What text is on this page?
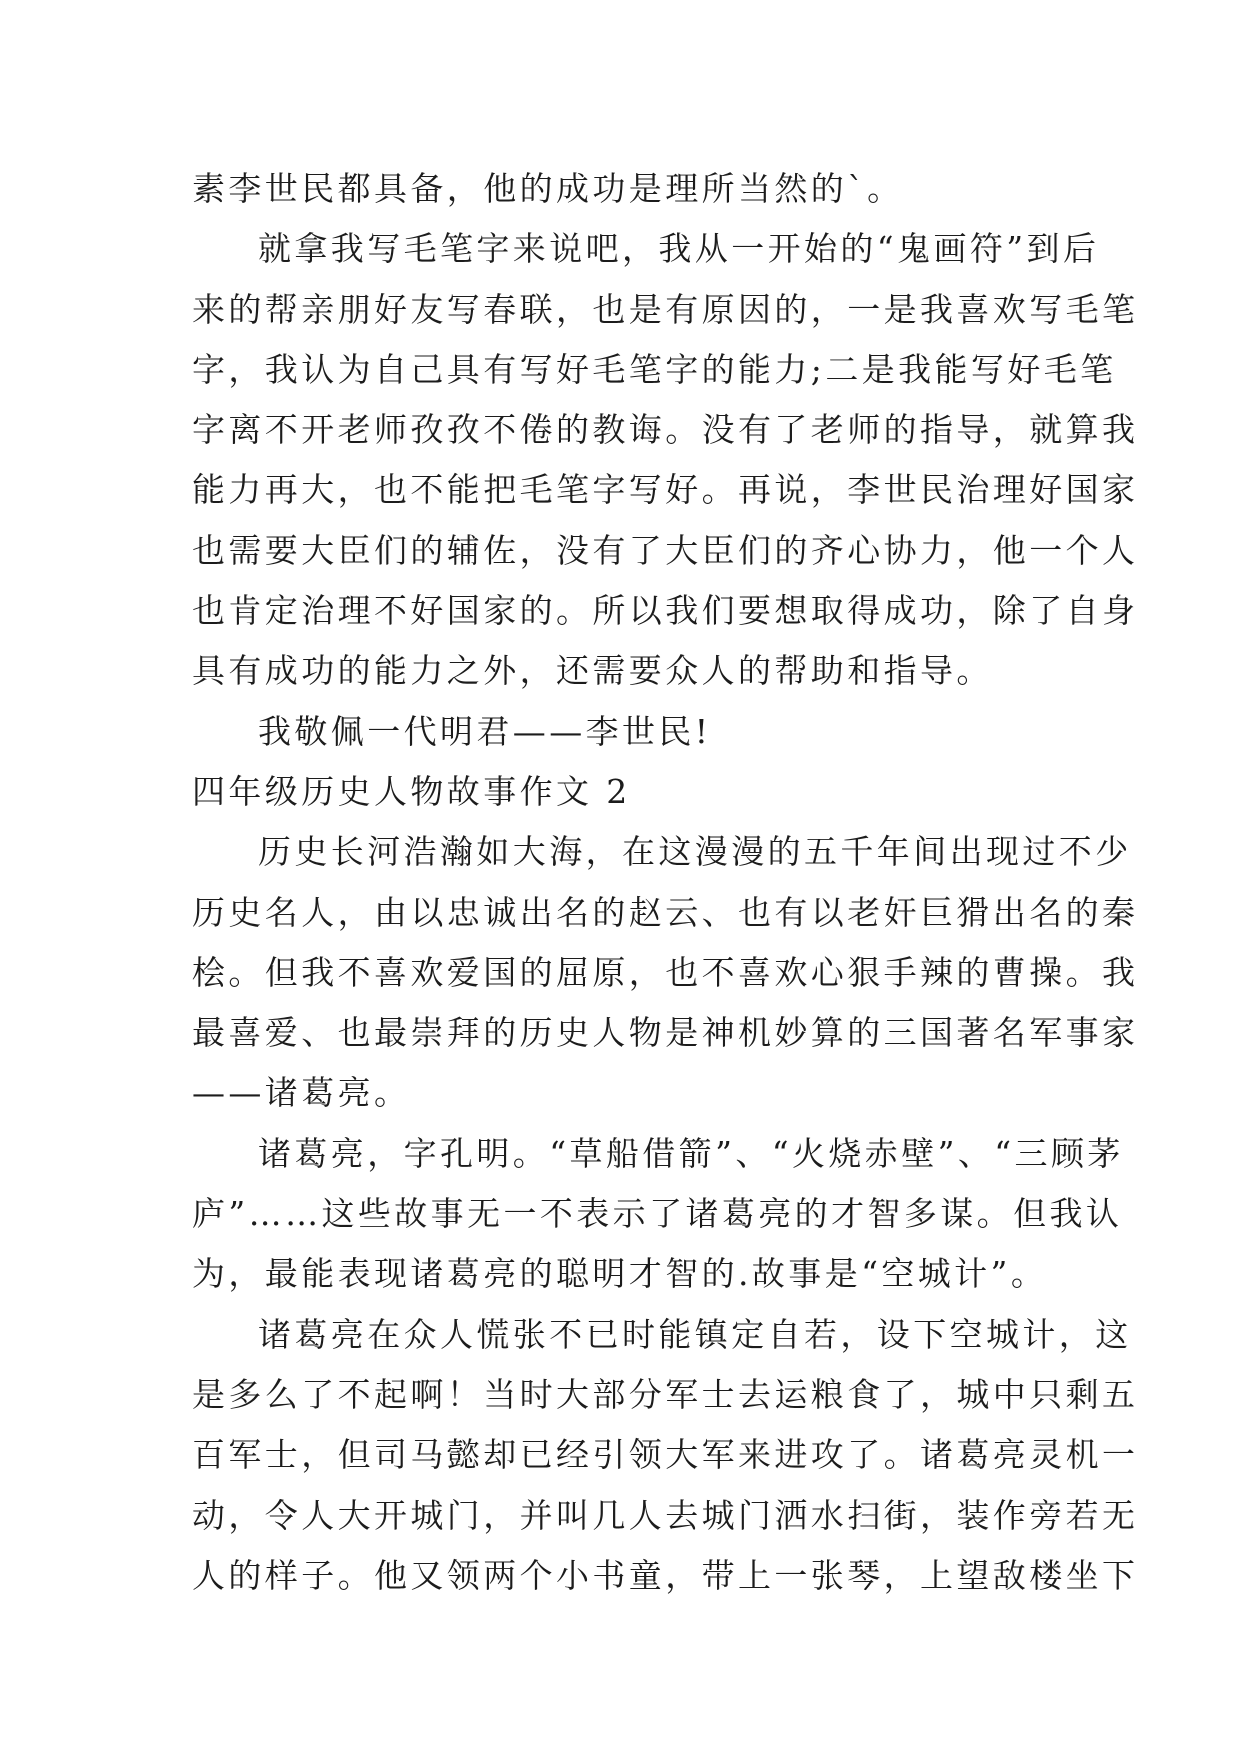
素李世民都具备，他的成功是理所当然的`。
就拿我写毛笔字来说吧，我从一开始的“鬼画符”到后
来的帮亲朋好友写春联，也是有原因的，一是我喜欢写毛笔
字，我认为自己具有写好毛笔字的能力;二是我能写好毛笔
字离不开老师孜孜不倦的教诲。没有了老师的指导，就算我
能力再大，也不能把毛笔字写好。再说，李世民治理好国家
也需要大臣们的辅佐，没有了大臣们的齐心协力，他一个人
也肯定治理不好国家的。所以我们要想取得成功，除了自身
具有成功的能力之外，还需要众人的帮助和指导。
我敬佩一代明君——李世民!
四年级历史人物故事作文 2
历史长河浩瀚如大海，在这漫漫的五千年间出现过不少
历史名人，由以忠诚出名的赵云、也有以老奸巨猾出名的秦
桧。但我不喜欢爱国的屈原，也不喜欢心狠手辣的曹操。我
最喜爱、也最崇拜的历史人物是神机妙算的三国著名军事家
——诸葛亮。
诸葛亮，字孔明。“草船借箭”、“火烧赤壁”、“三顾茅
庐”……这些故事无一不表示了诸葛亮的才智多谋。但我认
为，最能表现诸葛亮的聪明才智的.故事是“空城计”。
诸葛亮在众人慌张不已时能镇定自若，设下空城计，这
是多么了不起啊！当时大部分军士去运粮食了，城中只剩五
百军士，但司马懿却已经引领大军来进攻了。诸葛亮灵机一
动，令人大开城门，并叫几人去城门洒水扫街，装作旁若无
人的样子。他又领两个小书童，带上一张琴，上望敌楼坐下
